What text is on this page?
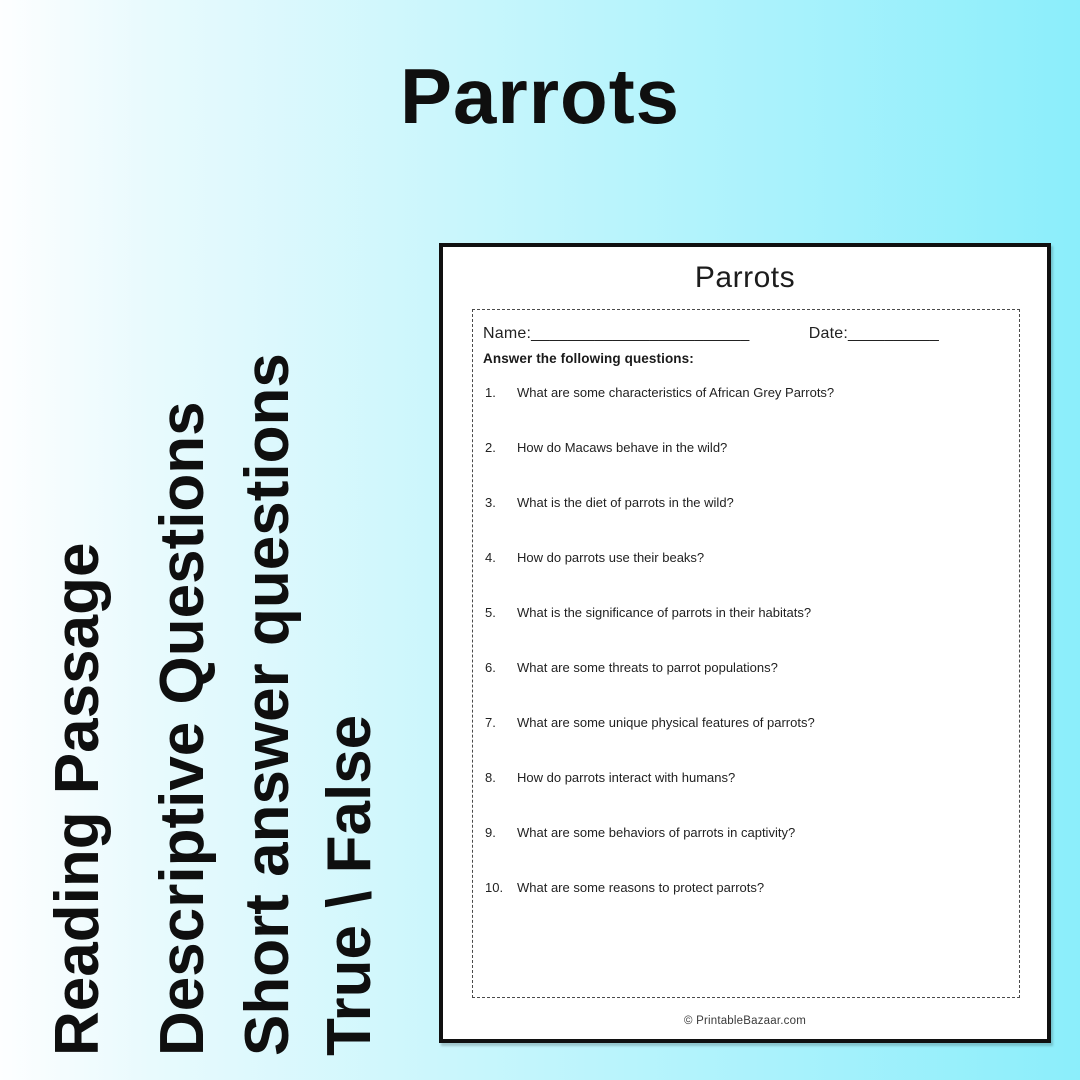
Parrots
Reading Passage Descriptive Questions Short answer questions True \ False
Parrots
Name:________________________	Date:__________
Answer the following questions:
1. What are some characteristics of African Grey Parrots?
2. How do Macaws behave in the wild?
3. What is the diet of parrots in the wild?
4. How do parrots use their beaks?
5. What is the significance of parrots in their habitats?
6. What are some threats to parrot populations?
7. What are some unique physical features of parrots?
8. How do parrots interact with humans?
9. What are some behaviors of parrots in captivity?
10. What are some reasons to protect parrots?
© PrintableBazaar.com
